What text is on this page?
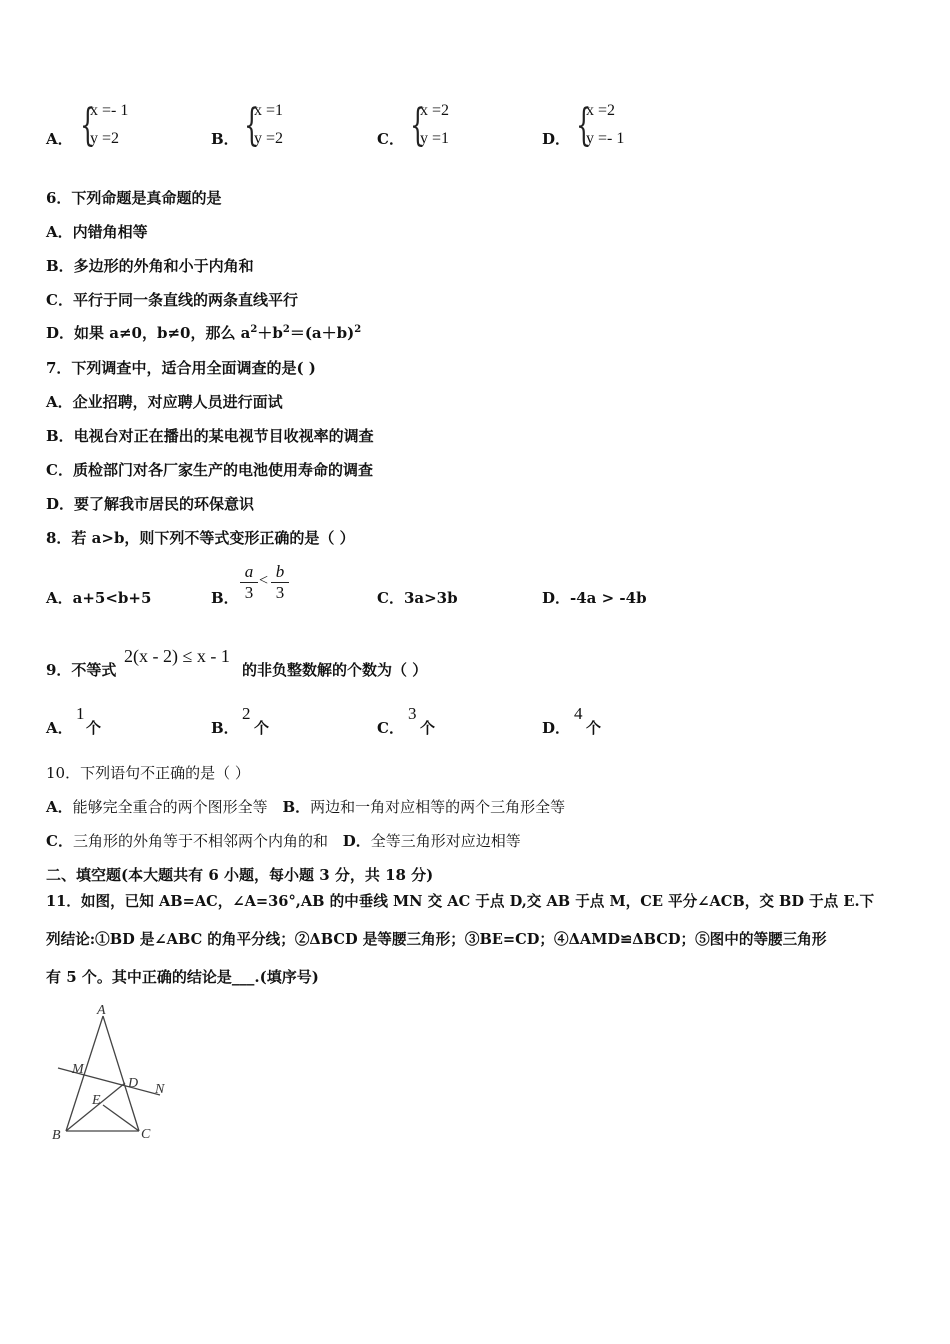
A． {
x =- 1
y =2	B． {
x =1
y =2	C． {
x =2
y =1	D． {
x =2
y =- 1
6．下列命题是真命题的是
A．内错角相等
B．多边形的外角和小于内角和
C．平行于同一条直线的两条直线平行
D．如果 a≠0，b≠0，那么 $a^2+b^2=(a+b)^2$
7．下列调查中，适合用全面调查的是( )
A．企业招聘，对应聘人员进行面试
B．电视台对正在播出的某电视节目收视率的调查
C．质检部门对各厂家生产的电池使用寿命的调查
D．要了解我市居民的环保意识
8．若 a>b，则下列不等式变形正确的是（ ）
A．a+5<b+5	B． $\frac{a}{3} < \frac{b}{3}$	C．3a>3b	D．-4a > -4b
9．不等式
2(x - 2) ≤ x - 1
的非负整数解的个数为（ ）
A．
1
个	B．
2
个	C．
3
个	D．
4
个
10．下列语句不正确的是（ ）
A．能够完全重合的两个图形全等 B．两边和一角对应相等的两个三角形全等
C．三角形的外角等于不相邻两个内角的和 D．全等三角形对应边相等
二、填空题(本大题共有 6 小题，每小题 3 分，共 18 分)
11．如图，已知 AB=AC，∠A=36°,AB 的中垂线 MN 交 AC 于点 D,交 AB 于点 M，CE 平分∠ACB，交 BD 于点 E.下
列结论:①BD 是∠ABC 的角平分线；②ΔBCD 是等腰三角形；③BE=CD；④ΔAMD≌ΔBCD；⑤图中的等腰三角形
有 5 个。其中正确的结论是___.(填序号)
A
B	C
D
E
M
N
